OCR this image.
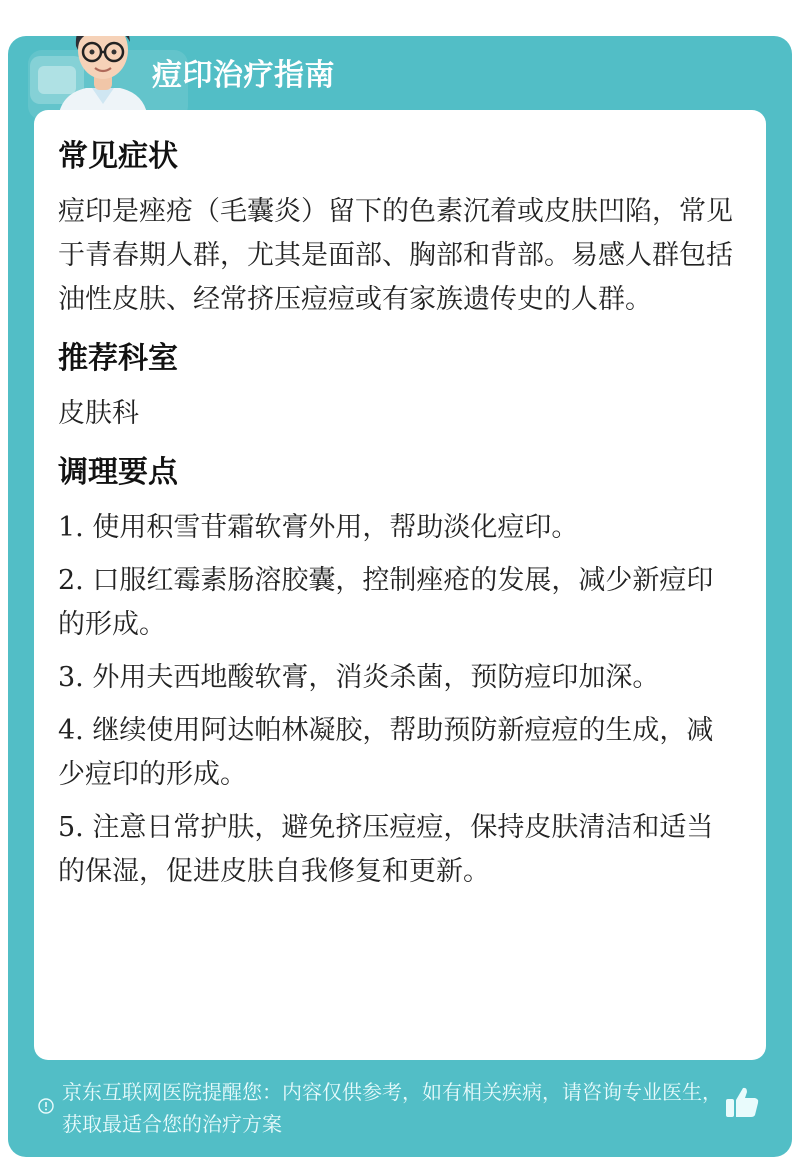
痘印治疗指南
常见症状

痘印是痤疮（毛囊炎）留下的色素沉着或皮肤凹陷，常见于青春期人群，尤其是面部、胸部和背部。易感人群包括油性皮肤、经常挤压痘痘或有家族遗传史的人群。

推荐科室

皮肤科

调理要点
1. 使用积雪苷霜软膏外用，帮助淡化痘印。
2. 口服红霉素肠溶胶囊，控制痤疮的发展，减少新痘印的形成。
3. 外用夫西地酸软膏，消炎杀菌，预防痘印加深。
4. 继续使用阿达帕林凝胶，帮助预防新痘痘的生成，减少痘印的形成。
5. 注意日常护肤，避免挤压痘痘，保持皮肤清洁和适当的保湿，促进皮肤自我修复和更新。
京东互联网医院提醒您：内容仅供参考，如有相关疾病，请咨询专业医生，获取最适合您的治疗方案
